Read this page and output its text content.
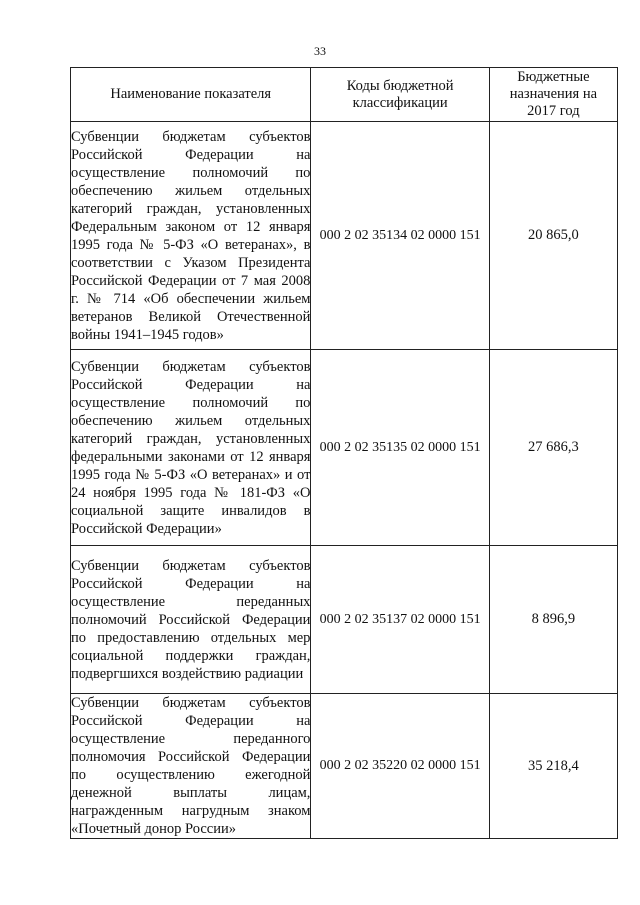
33
Наименование показателя	Коды бюджетной классификации	Бюджетные назначения на 2017 год
Субвенции бюджетам субъектов Российской Федерации на осуществление полномочий по обеспечению жильем отдельных категорий граждан, установленных Федеральным законом от 12 января 1995 года № 5-ФЗ «О ветеранах», в соответствии с Указом Президента Российской Федерации от 7 мая 2008 г. № 714 «Об обеспечении жильем ветеранов Великой Отечественной войны 1941–1945 годов»	000 2 02 35134 02 0000 151	20 865,0
Субвенции бюджетам субъектов Российской Федерации на осуществление полномочий по обеспечению жильем отдельных категорий граждан, установленных федеральными законами от 12 января 1995 года № 5-ФЗ «О ветеранах» и от 24 ноября 1995 года № 181-ФЗ «О социальной защите инвалидов в Российской Федерации»	000 2 02 35135 02 0000 151	27 686,3
Субвенции бюджетам субъектов Российской Федерации на осуществление переданных полномочий Российской Федерации по предоставлению отдельных мер социальной поддержки граждан, подвергшихся воздействию радиации	000 2 02 35137 02 0000 151	8 896,9
Субвенции бюджетам субъектов Российской Федерации на осуществление переданного полномочия Российской Федерации по осуществлению ежегодной денежной выплаты лицам, награжденным нагрудным знаком «Почетный донор России»	000 2 02 35220 02 0000 151	35 218,4
